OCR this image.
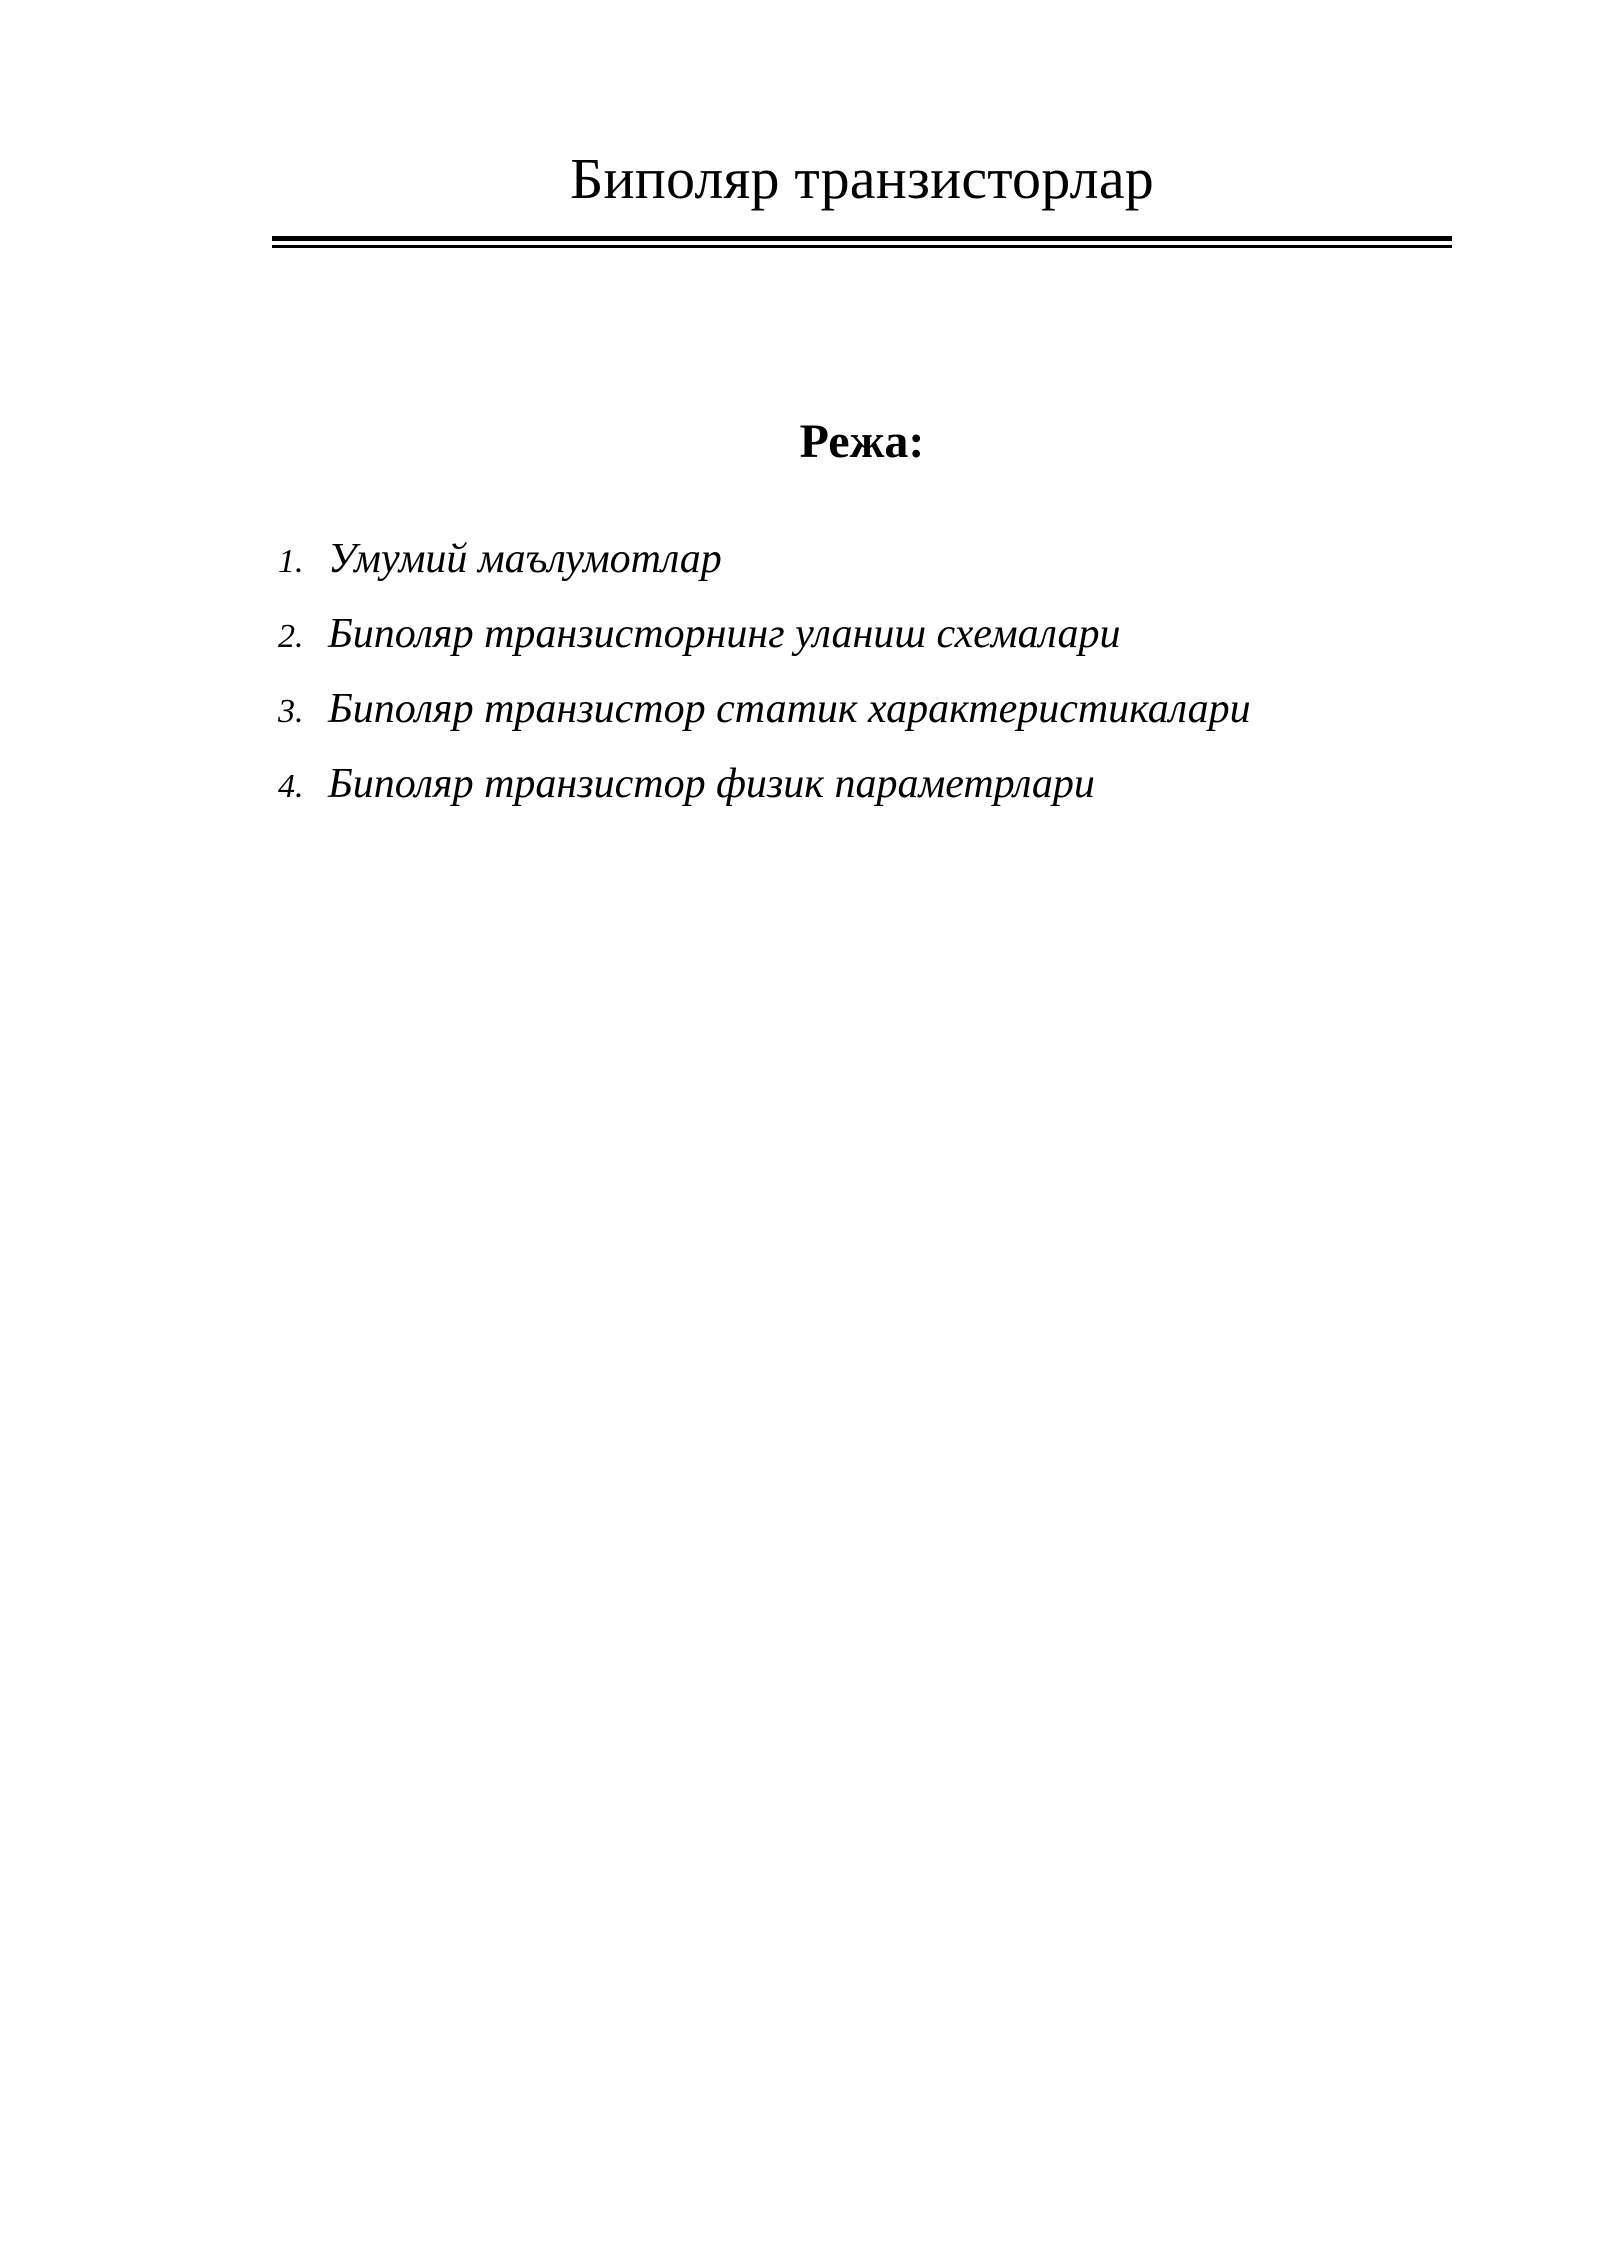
Биполяр транзисторлар
Режа:
1. Умумий маълумотлар
2. Биполяр транзисторнинг уланиш схемалари
3. Биполяр транзистор статик характеристикалари
4. Биполяр транзистор физик параметрлари
